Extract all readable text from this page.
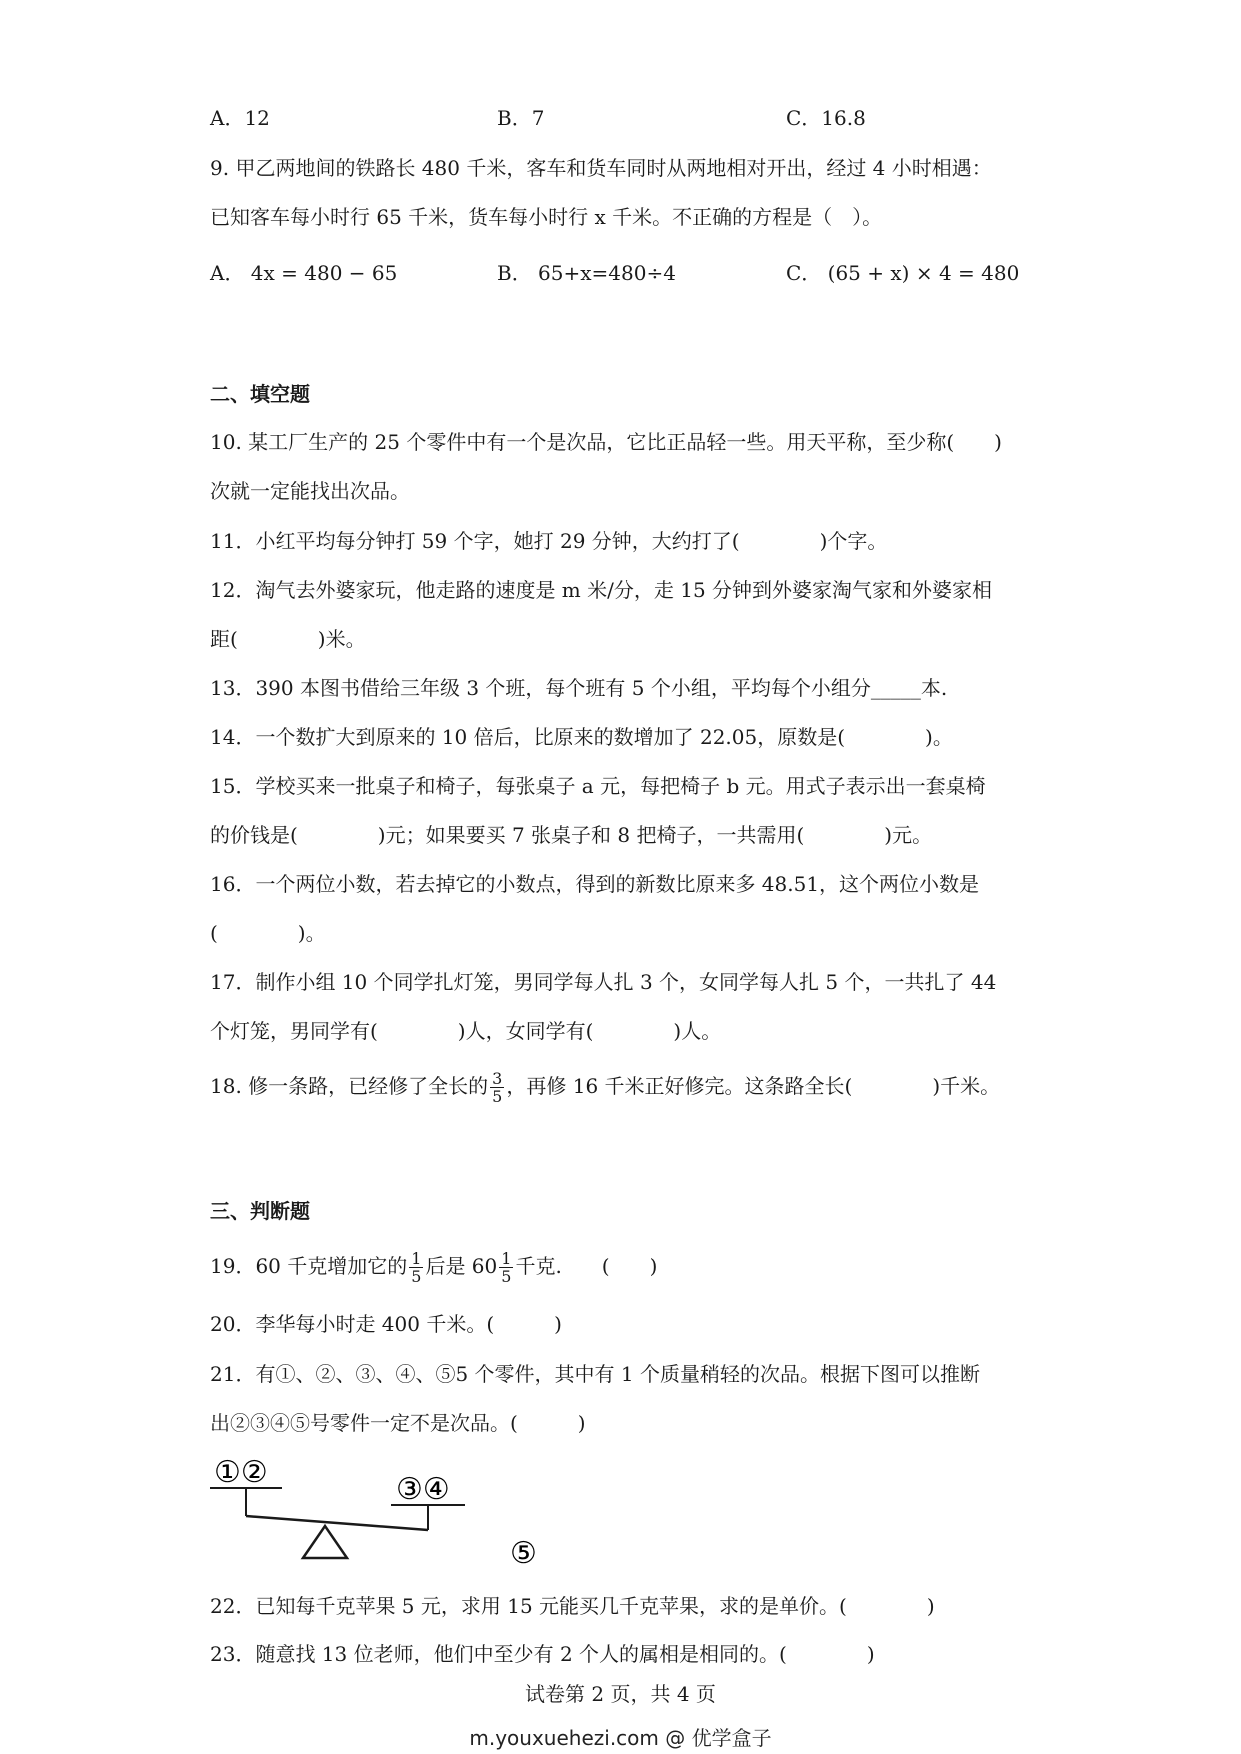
A．12	B．7	C．16.8
9. 甲乙两地间的铁路长 480 千米，客车和货车同时从两地相对开出，经过 4 小时相遇：
已知客车每小时行 65 千米，货车每小时行 x 千米。不正确的方程是（　）。
A． 4x = 480 − 65	B． 65+x=480÷4	C． (65 + x) × 4 = 480
二、填空题
10. 某工厂生产的 25 个零件中有一个是次品，它比正品轻一些。用天平称，至少称(　　)
次就一定能找出次品。
11．小红平均每分钟打 59 个字，她打 29 分钟，大约打了(　　　　)个字。
12．淘气去外婆家玩，他走路的速度是 m 米/分，走 15 分钟到外婆家淘气家和外婆家相
距(　　　　)米。
13．390 本图书借给三年级 3 个班，每个班有 5 个小组，平均每个小组分_____本.
14．一个数扩大到原来的 10 倍后，比原来的数增加了 22.05，原数是(　　　　)。
15．学校买来一批桌子和椅子，每张桌子 a 元，每把椅子 b 元。用式子表示出一套桌椅
的价钱是(　　　　)元；如果要买 7 张桌子和 8 把椅子，一共需用(　　　　)元。
16．一个两位小数，若去掉它的小数点，得到的新数比原来多 48.51，这个两位小数是
(　　　　)。
17．制作小组 10 个同学扎灯笼，男同学每人扎 3 个，女同学每人扎 5 个，一共扎了 44
个灯笼，男同学有(　　　　)人，女同学有(　　　　)人。
18. 修一条路，已经修了全长的 $\frac{3}{5}$ ，再修 16 千米正好修完。这条路全长(　　　　)千米。
三、判断题
19．60 千克增加它的 $\frac{1}{5}$ 后是 $60 \frac{1}{5}$ 千克.　　(　　)
20．李华每小时走 400 千米。(　　　)
21．有①、②、③、④、⑤5 个零件，其中有 1 个质量稍轻的次品。根据下图可以推断
出②③④⑤号零件一定不是次品。(　　　)
①②	③④
⑤
22．已知每千克苹果 5 元，求用 15 元能买几千克苹果，求的是单价。(　　　　)
23．随意找 13 位老师，他们中至少有 2 个人的属相是相同的。(　　　　)
试卷第 2 页，共 4 页
m.youxuehezi.com @ 优学盒子
